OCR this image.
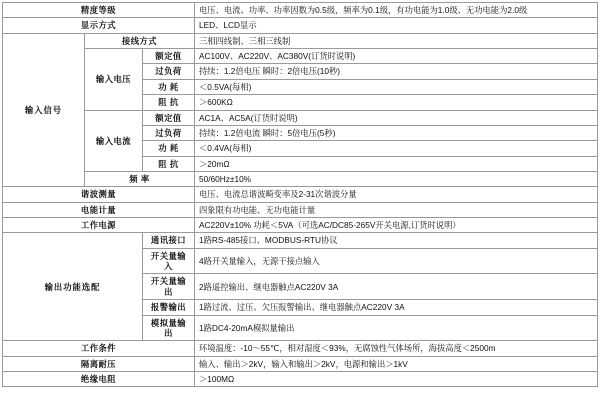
精度等级			电压、电流、功率、功率因数为0.5级，频率为0.1级，有功电能为1.0级、无功电能为2.0级
显示方式			LED、LCD显示
输入信号	接线方式		三相四线制、三相三线制
	输入电压	额定值	AC100V、AC220V、AC380V(订货时说明)
		过负荷	持续：1.2倍电压 瞬时：2倍电压(10秒)
		功 耗	＜0.5VA(每相)
		阻 抗	＞600KΩ
	输入电流	额定值	AC1A、AC5A(订货时说明)
		过负荷	持续：1.2倍电流 瞬时：5倍电压(5秒)
		功 耗	＜0.4VA(每相)
		阻 抗	＞20mΩ
	频 率		50/60Hz±10%
谐波测量			电压、电流总谐波畸变率及2-31次谐波分量
电能计量			四象限有功电能、无功电能计量
工作电源			AC220V±10% 功耗＜5VA（可选AC/DC85-265V开关电源,订货时说明）
输出功能选配		通讯接口	1路RS-485接口、MODBUS-RTU协议
		开关量输入	4路开关量输入，无源干接点输入
		开关量输出	2路遥控输出、继电器触点AC220V 3A
		报警输出	1路过流、过压、欠压报警输出、继电器触点AC220V 3A
		模拟量输出	1路DC4-20mA模拟量输出
工作条件			环境温度：-10～55℃，相对湿度＜93%，无腐蚀性气体场所，海拔高度＜2500m
隔离耐压			输入、输出＞2kV，输入和输出＞2kV，电源和输出＞1kV
绝缘电阻			＞100MΩ
